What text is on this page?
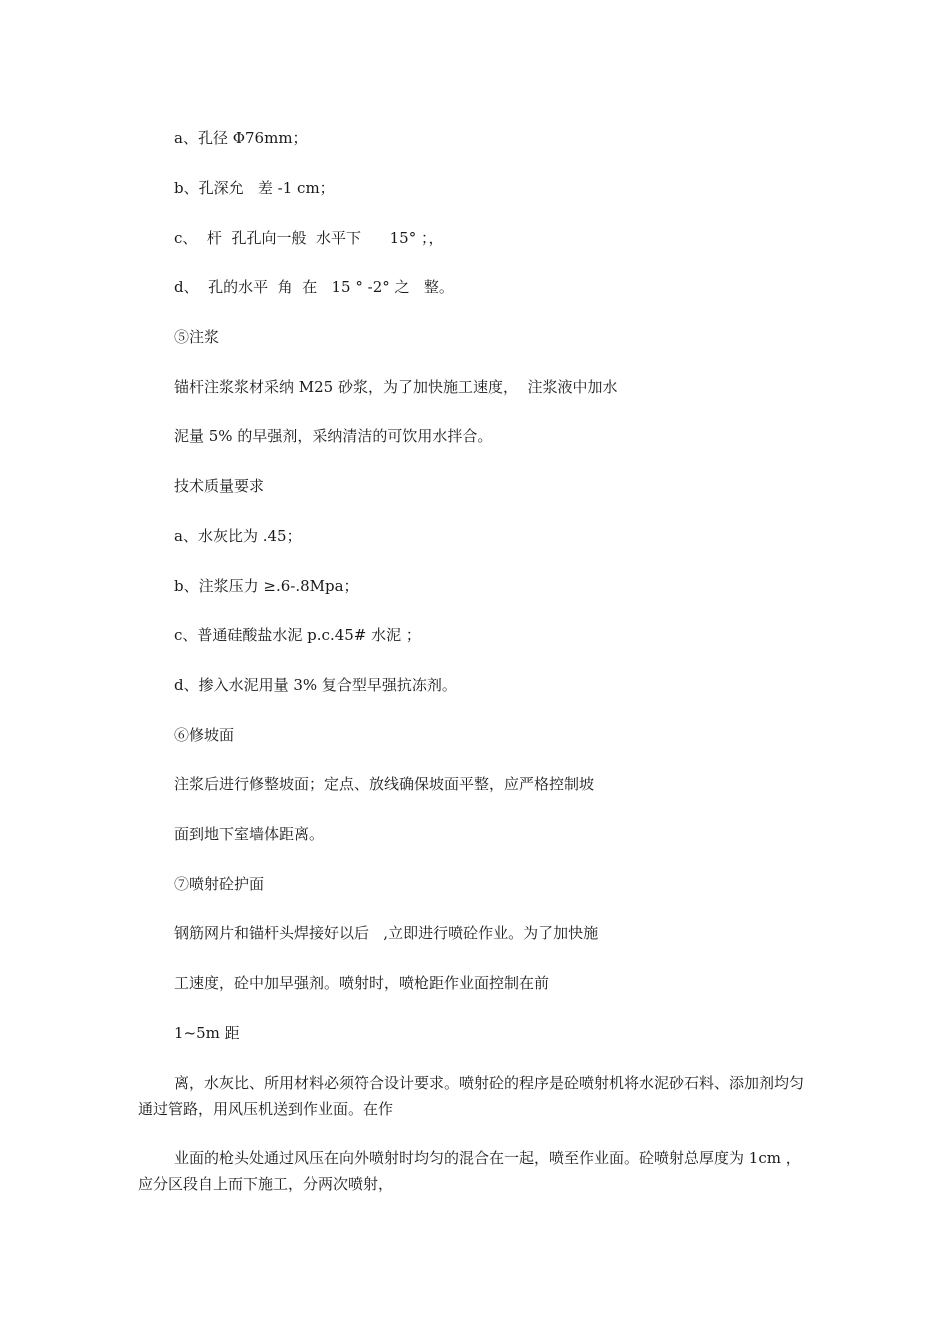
a、孔径 Φ76mm；

b、孔深允   差 -1 cm；

c、  杆  孔孔向一般  水平下      15° ；，

d、  孔的水平  角  在   15 ° -2° 之   整。

⑤注浆

锚杆注浆浆材采纳 M25 砂浆，为了加快施工速度，  注浆液中加水

泥量 5% 的早强剂，采纳清洁的可饮用水拌合。

技术质量要求

a、水灰比为 .45；

b、注浆压力 ≥.6-.8Mpa；

c、普通硅酸盐水泥 p.c.45# 水泥 ；

d、掺入水泥用量 3% 复合型早强抗冻剂。

⑥修坡面

注浆后进行修整坡面；定点、放线确保坡面平整，应严格控制坡

面到地下室墙体距离。

⑦喷射砼护面

钢筋网片和锚杆头焊接好以后   ,立即进行喷砼作业。为了加快施

工速度，砼中加早强剂。喷射时，喷枪距作业面控制在前

1~5m 距

离，水灰比、所用材料必须符合设计要求。喷射砼的程序是砼喷射机将水泥砂石料、添加剂均匀通过管路，用风压机送到作业面。在作

业面的枪头处通过风压在向外喷射时均匀的混合在一起，喷至作业面。砼喷射总厚度为 1cm ，应分区段自上而下施工，分两次喷射，
